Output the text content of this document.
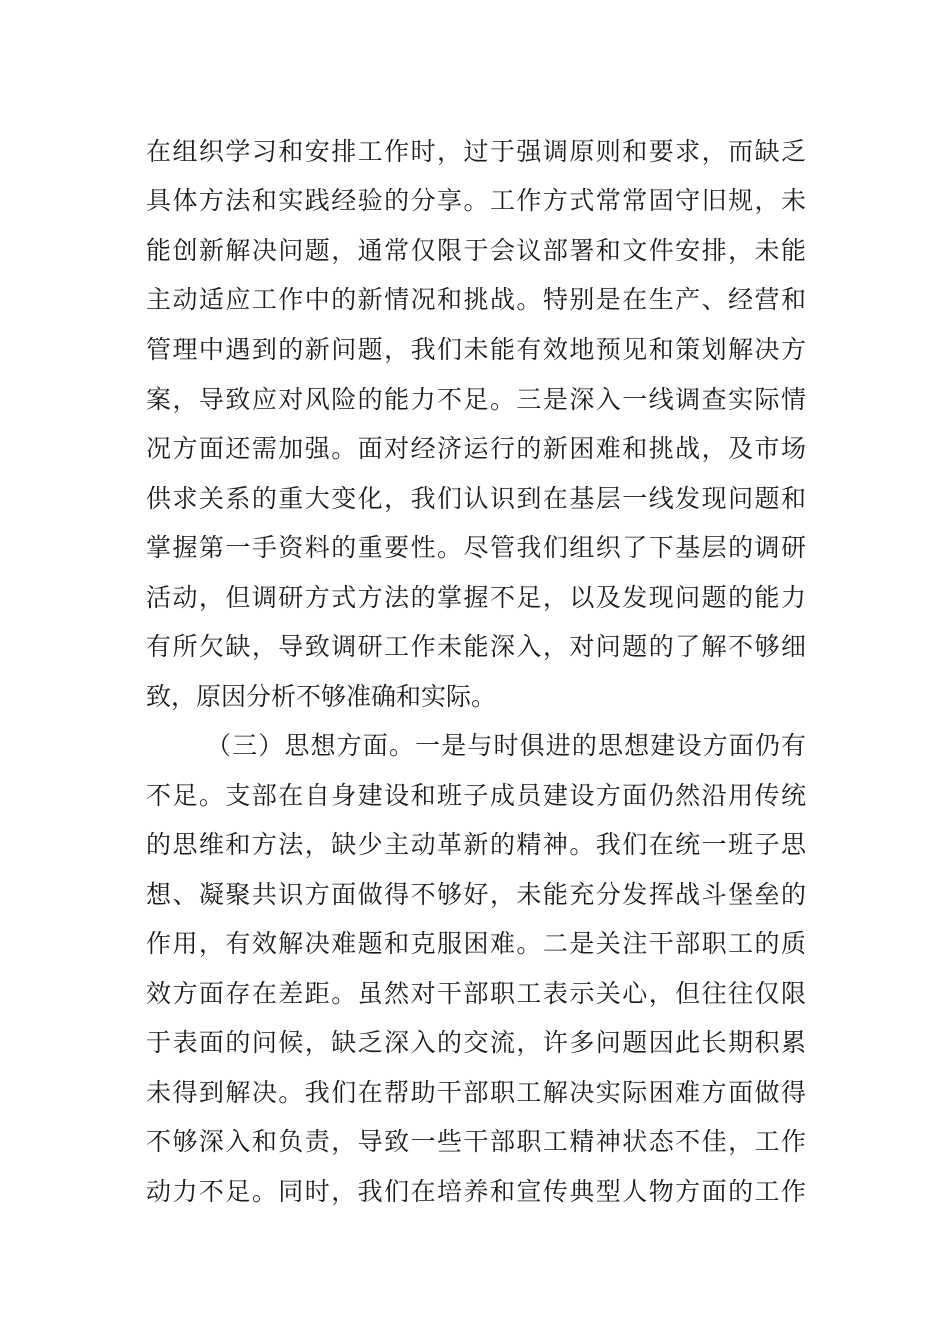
在组织学习和安排工作时，过于强调原则和要求，而缺乏
具体方法和实践经验的分享。工作方式常常固守旧规，未
能创新解决问题，通常仅限于会议部署和文件安排，未能
主动适应工作中的新情况和挑战。特别是在生产、经营和
管理中遇到的新问题，我们未能有效地预见和策划解决方
案，导致应对风险的能力不足。三是深入一线调查实际情
况方面还需加强。面对经济运行的新困难和挑战，及市场
供求关系的重大变化，我们认识到在基层一线发现问题和
掌握第一手资料的重要性。尽管我们组织了下基层的调研
活动，但调研方式方法的掌握不足，以及发现问题的能力
有所欠缺，导致调研工作未能深入，对问题的了解不够细
致，原因分析不够准确和实际。
（三）思想方面。一是与时俱进的思想建设方面仍有
不足。支部在自身建设和班子成员建设方面仍然沿用传统
的思维和方法，缺少主动革新的精神。我们在统一班子思
想、凝聚共识方面做得不够好，未能充分发挥战斗堡垒的
作用，有效解决难题和克服困难。二是关注干部职工的质
效方面存在差距。虽然对干部职工表示关心，但往往仅限
于表面的问候，缺乏深入的交流，许多问题因此长期积累
未得到解决。我们在帮助干部职工解决实际困难方面做得
不够深入和负责，导致一些干部职工精神状态不佳，工作
动力不足。同时，我们在培养和宣传典型人物方面的工作
